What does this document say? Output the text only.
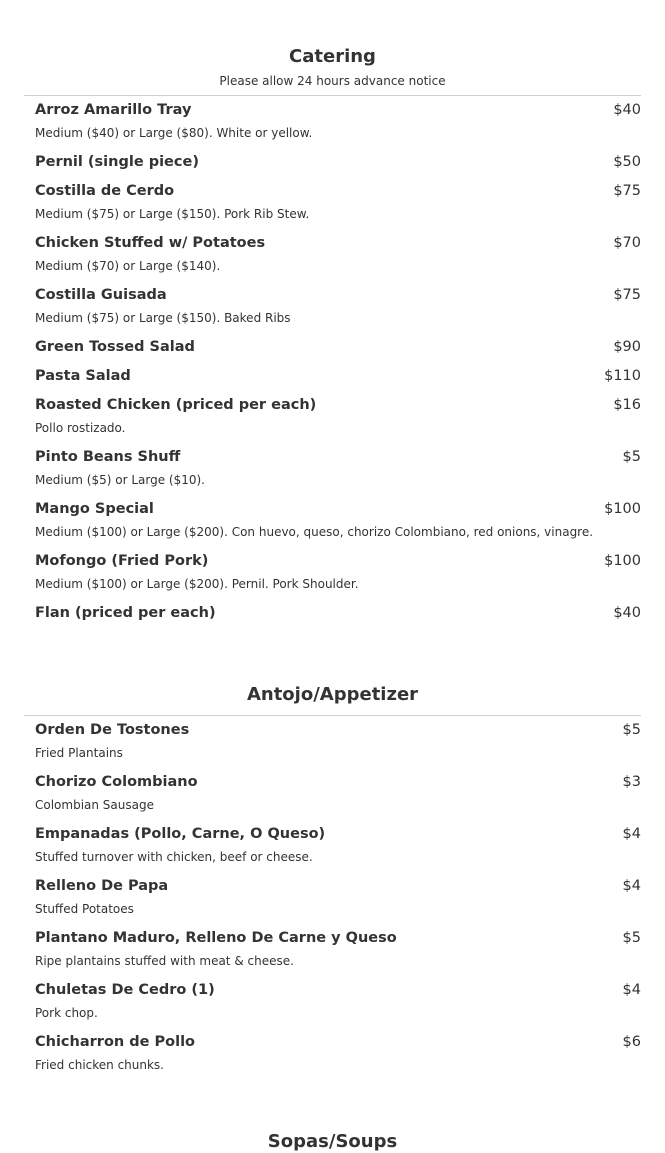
Catering
Please allow 24 hours advance notice
Arroz Amarillo Tray	$40
Medium ($40) or Large ($80). White or yellow.
Pernil (single piece)	$50
Costilla de Cerdo	$75
Medium ($75) or Large ($150). Pork Rib Stew.
Chicken Stuffed w/ Potatoes	$70
Medium ($70) or Large ($140).
Costilla Guisada	$75
Medium ($75) or Large ($150). Baked Ribs
Green Tossed Salad	$90
Pasta Salad	$110
Roasted Chicken (priced per each)	$16
Pollo rostizado.
Pinto Beans Shuff	$5
Medium ($5) or Large ($10).
Mango Special	$100
Medium ($100) or Large ($200). Con huevo, queso, chorizo Colombiano, red onions, vinagre.
Mofongo (Fried Pork)	$100
Medium ($100) or Large ($200). Pernil. Pork Shoulder.
Flan (priced per each)	$40
Antojo/Appetizer
Orden De Tostones	$5
Fried Plantains
Chorizo Colombiano	$3
Colombian Sausage
Empanadas (Pollo, Carne, O Queso)	$4
Stuffed turnover with chicken, beef or cheese.
Relleno De Papa	$4
Stuffed Potatoes
Plantano Maduro, Relleno De Carne y Queso	$5
Ripe plantains stuffed with meat & cheese.
Chuletas De Cedro (1)	$4
Pork chop.
Chicharron de Pollo	$6
Fried chicken chunks.
Sopas/Soups
